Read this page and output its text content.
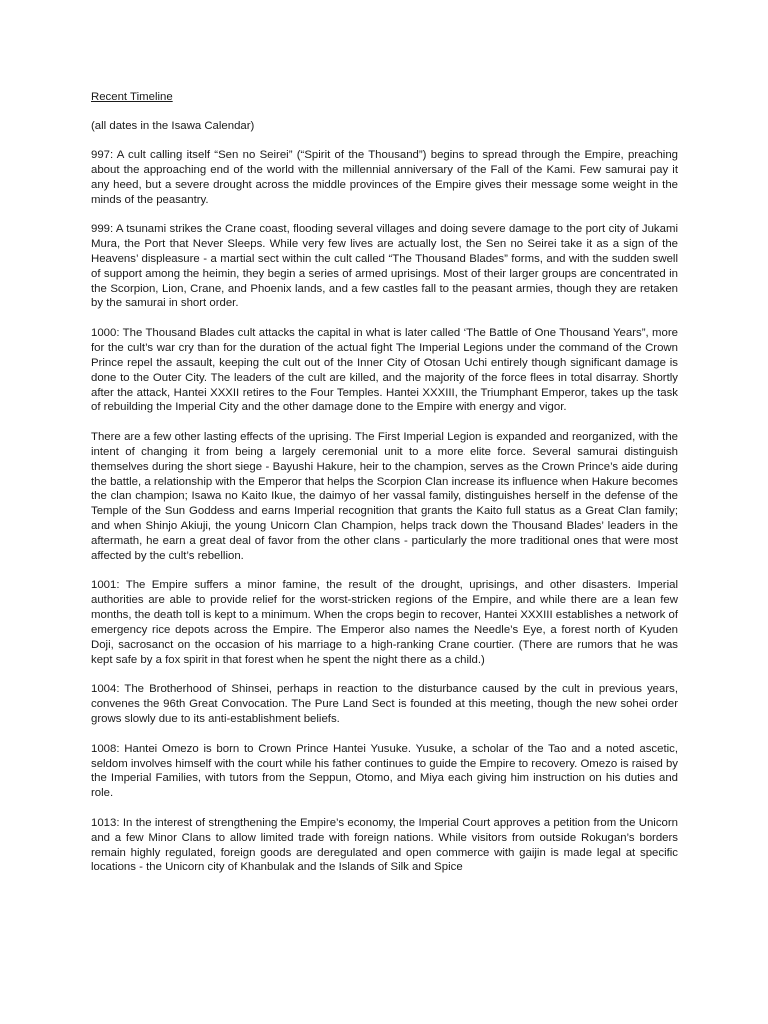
Recent Timeline
(all dates in the Isawa Calendar)

997: A cult calling itself “Sen no Seirei” (“Spirit of the Thousand”) begins to spread through the Empire, preaching about the approaching end of the world with the millennial anniversary of the Fall of the Kami. Few samurai pay it any heed, but a severe drought across the middle provinces of the Empire gives their message some weight in the minds of the peasantry.

999: A tsunami strikes the Crane coast, flooding several villages and doing severe damage to the port city of Jukami Mura, the Port that Never Sleeps. While very few lives are actually lost, the Sen no Seirei take it as a sign of the Heavens’ displeasure - a martial sect within the cult called “The Thousand Blades” forms, and with the sudden swell of support among the heimin, they begin a series of armed uprisings. Most of their larger groups are concentrated in the Scorpion, Lion, Crane, and Phoenix lands, and a few castles fall to the peasant armies, though they are retaken by the samurai in short order.

1000: The Thousand Blades cult attacks the capital in what is later called ‘The Battle of One Thousand Years”, more for the cult’s war cry than for the duration of the actual fight The Imperial Legions under the command of the Crown Prince repel the assault, keeping the cult out of the Inner City of Otosan Uchi entirely though significant damage is done to the Outer City. The leaders of the cult are killed, and the majority of the force flees in total disarray. Shortly after the attack, Hantei XXXII retires to the Four Temples. Hantei XXXIII, the Triumphant Emperor, takes up the task of rebuilding the Imperial City and the other damage done to the Empire with energy and vigor.

There are a few other lasting effects of the uprising. The First Imperial Legion is expanded and reorganized, with the intent of changing it from being a largely ceremonial unit to a more elite force. Several samurai distinguish themselves during the short siege - Bayushi Hakure, heir to the champion, serves as the Crown Prince’s aide during the battle, a relationship with the Emperor that helps the Scorpion Clan increase its influence when Hakure becomes the clan champion; Isawa no Kaito Ikue, the daimyo of her vassal family, distinguishes herself in the defense of the Temple of the Sun Goddess and earns Imperial recognition that grants the Kaito full status as a Great Clan family; and when Shinjo Akiuji, the young Unicorn Clan Champion, helps track down the Thousand Blades’ leaders in the aftermath, he earn a great deal of favor from the other clans - particularly the more traditional ones that were most affected by the cult’s rebellion.

1001: The Empire suffers a minor famine, the result of the drought, uprisings, and other disasters. Imperial authorities are able to provide relief for the worst-stricken regions of the Empire, and while there are a lean few months, the death toll is kept to a minimum. When the crops begin to recover, Hantei XXXIII establishes a network of emergency rice depots across the Empire. The Emperor also names the Needle’s Eye, a forest north of Kyuden Doji, sacrosanct on the occasion of his marriage to a high-ranking Crane courtier. (There are rumors that he was kept safe by a fox spirit in that forest when he spent the night there as a child.)

1004: The Brotherhood of Shinsei, perhaps in reaction to the disturbance caused by the cult in previous years, convenes the 96th Great Convocation. The Pure Land Sect is founded at this meeting, though the new sohei order grows slowly due to its anti-establishment beliefs.

1008: Hantei Omezo is born to Crown Prince Hantei Yusuke. Yusuke, a scholar of the Tao and a noted ascetic, seldom involves himself with the court while his father continues to guide the Empire to recovery. Omezo is raised by the Imperial Families, with tutors from the Seppun, Otomo, and Miya each giving him instruction on his duties and role.

1013: In the interest of strengthening the Empire’s economy, the Imperial Court approves a petition from the Unicorn and a few Minor Clans to allow limited trade with foreign nations. While visitors from outside Rokugan’s borders remain highly regulated, foreign goods are deregulated and open commerce with gaijin is made legal at specific locations - the Unicorn city of Khanbulak and the Islands of Silk and Spice
